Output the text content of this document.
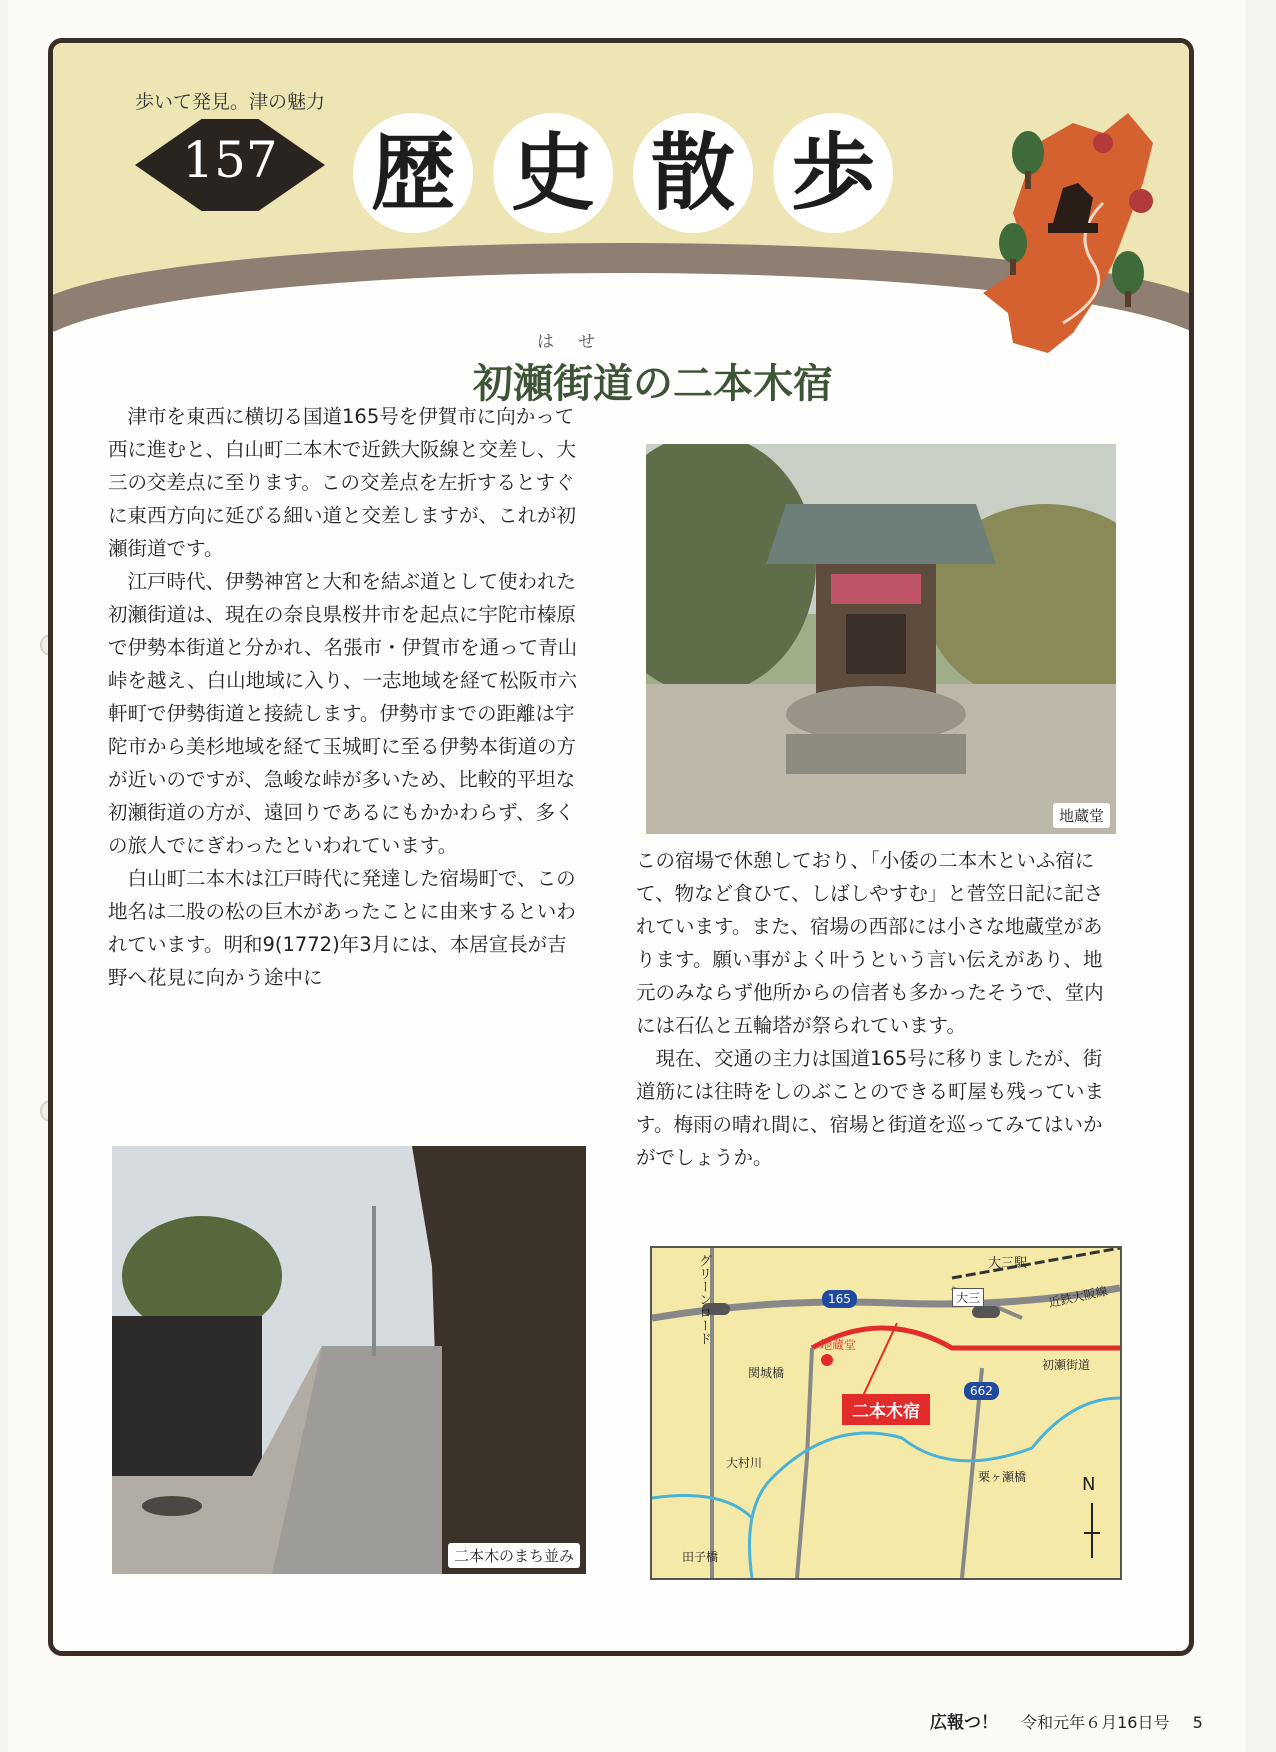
歩いて発見。津の魅力
157	歴 史 散 歩
はせ
初瀬街道の二本木宿

津市を東西に横切る国道165号を伊賀市に向かって西に進むと、白山町二本木で近鉄大阪線と交差し、大三の交差点に至ります。この交差点を左折するとすぐに東西方向に延びる細い道と交差しますが、これが初瀬街道です。

江戸時代、伊勢神宮と大和を結ぶ道として使われた初瀬街道は、現在の奈良県桜井市を起点に宇陀市榛原で伊勢本街道と分かれ、名張市・伊賀市を通って青山峠を越え、白山地域に入り、一志地域を経て松阪市六軒町で伊勢街道と接続します。伊勢市までの距離は宇陀市から美杉地域を経て玉城町に至る伊勢本街道の方が近いのですが、急峻な峠が多いため、比較的平坦な初瀬街道の方が、遠回りであるにもかかわらず、多くの旅人でにぎわったといわれています。

白山町二本木は江戸時代に発達した宿場町で、この地名は二股の松の巨木があったことに由来するといわれています。明和9(1772)年3月には、本居宣長が吉野へ花見に向かう途中に

地蔵堂

この宿場で休憩しており、「小倭の二本木といふ宿にて、物など食ひて、しばしやすむ」と菅笠日記に記されています。また、宿場の西部には小さな地蔵堂があります。願い事がよく叶うという言い伝えがあり、地元のみならず他所からの信者も多かったそうで、堂内には石仏と五輪塔が祭られています。

現在、交通の主力は国道165号に移りましたが、街道筋には往時をしのぶことのできる町屋も残っています。梅雨の晴れ間に、宿場と街道を巡ってみてはいかがでしょうか。

二本木のまち並み
グリーンロード	165
662
大三駅
近鉄大阪線
大三
地蔵堂
二本木宿
初瀬街道
関城橋
栗ヶ瀬橋
田子橋
大村川
N
広報つ！ 令和元年６月16日号 5
